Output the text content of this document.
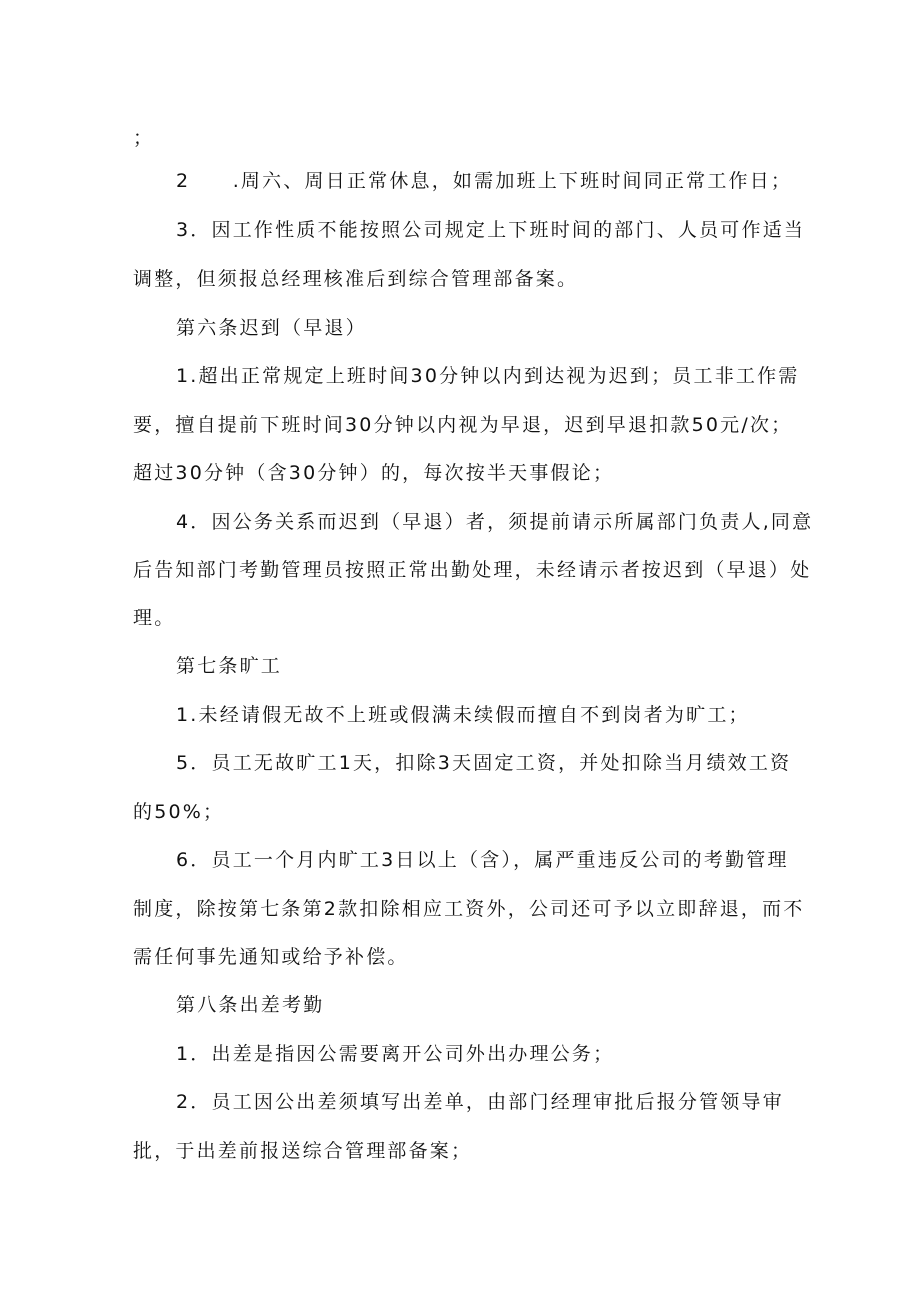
；
2　　.周六、周日正常休息，如需加班上下班时间同正常工作日；
3．因工作性质不能按照公司规定上下班时间的部门、人员可作适当
调整，但须报总经理核准后到综合管理部备案。
第六条迟到（早退）
1.超出正常规定上班时间30分钟以内到达视为迟到；员工非工作需
要，擅自提前下班时间30分钟以内视为早退，迟到早退扣款50元/次；
超过30分钟（含30分钟）的，每次按半天事假论；
4．因公务关系而迟到（早退）者，须提前请示所属部门负责人,同意
后告知部门考勤管理员按照正常出勤处理，未经请示者按迟到（早退）处
理。
第七条旷工
1.未经请假无故不上班或假满未续假而擅自不到岗者为旷工；
5．员工无故旷工1天，扣除3天固定工资，并处扣除当月绩效工资
的50%；
6．员工一个月内旷工3日以上（含），属严重违反公司的考勤管理
制度，除按第七条第2款扣除相应工资外，公司还可予以立即辞退，而不
需任何事先通知或给予补偿。
第八条出差考勤
1．出差是指因公需要离开公司外出办理公务；
2．员工因公出差须填写出差单，由部门经理审批后报分管领导审
批，于出差前报送综合管理部备案；
